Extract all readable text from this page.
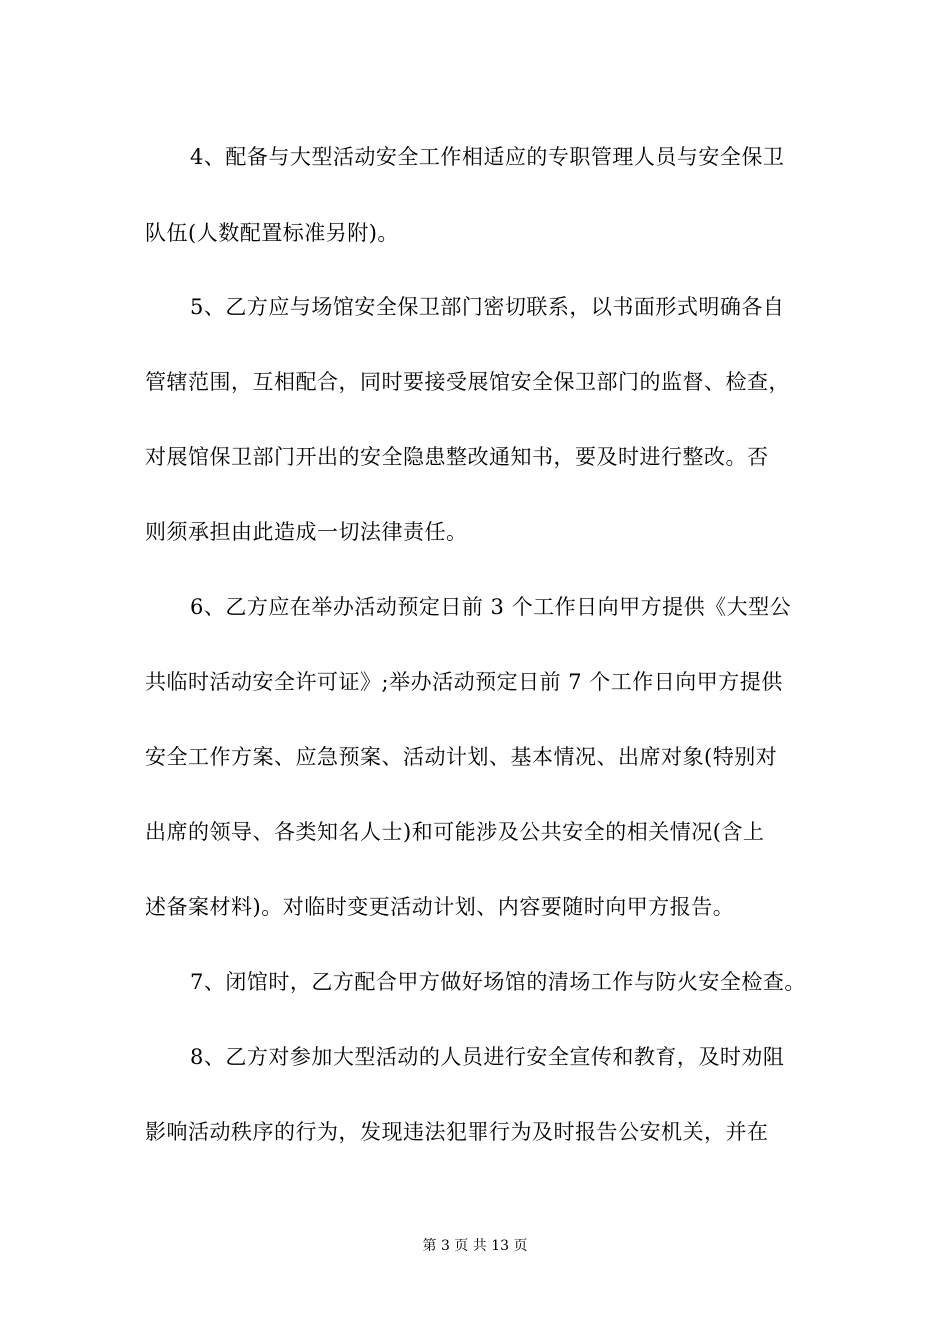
4、配备与大型活动安全工作相适应的专职管理人员与安全保卫
队伍(人数配置标准另附)。
5、乙方应与场馆安全保卫部门密切联系，以书面形式明确各自
管辖范围，互相配合，同时要接受展馆安全保卫部门的监督、检查，
对展馆保卫部门开出的安全隐患整改通知书，要及时进行整改。否
则须承担由此造成一切法律责任。
6、乙方应在举办活动预定日前 3 个工作日向甲方提供《大型公
共临时活动安全许可证》;举办活动预定日前 7 个工作日向甲方提供
安全工作方案、应急预案、活动计划、基本情况、出席对象(特别对
出席的领导、各类知名人士)和可能涉及公共安全的相关情况(含上
述备案材料)。对临时变更活动计划、内容要随时向甲方报告。
7、闭馆时，乙方配合甲方做好场馆的清场工作与防火安全检查。
8、乙方对参加大型活动的人员进行安全宣传和教育，及时劝阻
影响活动秩序的行为，发现违法犯罪行为及时报告公安机关，并在
第 3 页 共 13 页
